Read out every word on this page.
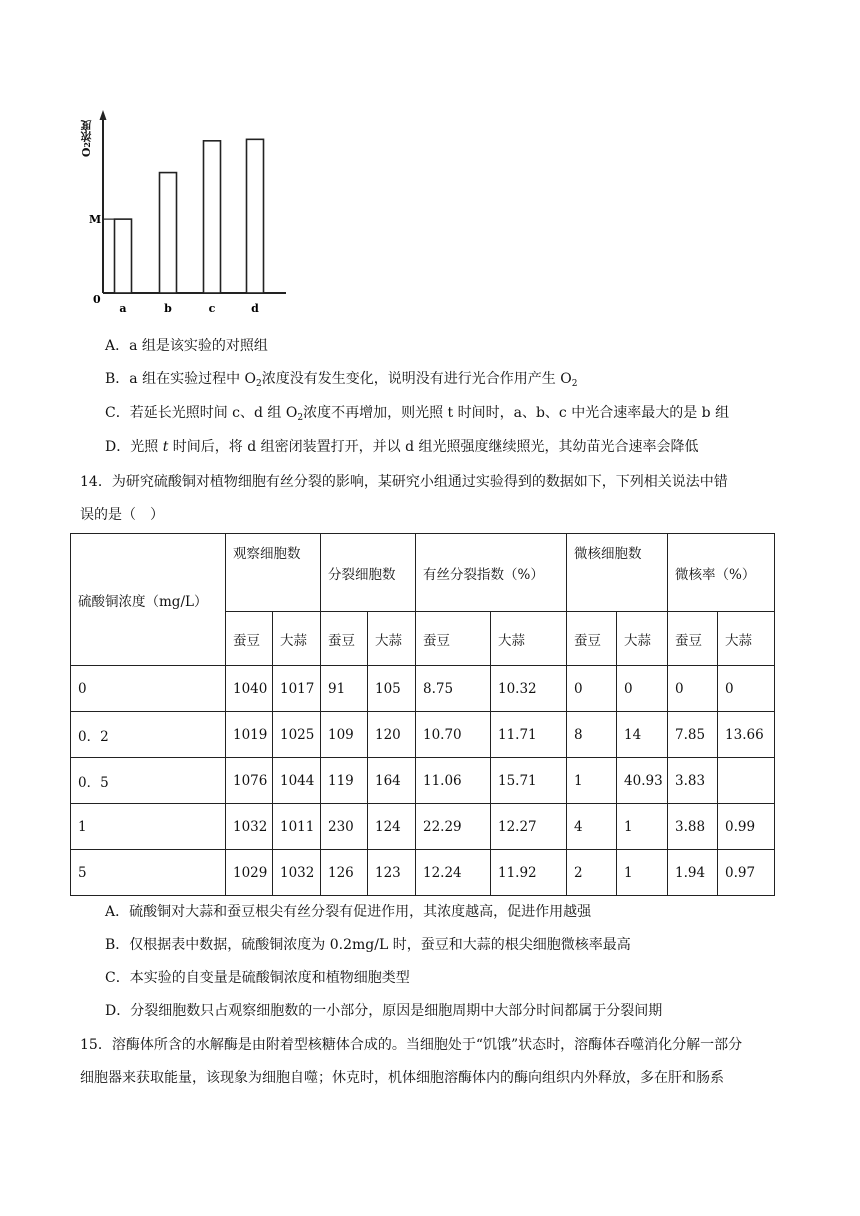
a	b	c	d
M
0
O2浓度
A．a 组是该实验的对照组
B．a 组在实验过程中 $O_2$浓度没有发生变化，说明没有进行光合作用产生 $O_2$
C．若延长光照时间 c、d 组 $O_2$浓度不再增加，则光照 t 时间时，a、b、c 中光合速率最大的是 b 组
D．光照 t 时间后，将 d 组密闭装置打开，并以 d 组光照强度继续照光，其幼苗光合速率会降低
14．为研究硫酸铜对植物细胞有丝分裂的影响，某研究小组通过实验得到的数据如下，下列相关说法中错
误的是（　）
硫酸铜浓度（mg/L）	观察细胞数		分裂细胞数		有丝分裂指数（%）		微核细胞数		微核率（%）	
	蚕豆	大蒜	蚕豆	大蒜	蚕豆	大蒜	蚕豆	大蒜	蚕豆	大蒜
0	1040	1017	91	105	8.75	10.32	0	0	0	0
0．2	1019	1025	109	120	10.70	11.71	8	14	7.85	13.66
0．5	1076	1044	119	164	11.06	15.71	1	40.93	3.83	
1	1032	1011	230	124	22.29	12.27	4	1	3.88	0.99
5	1029	1032	126	123	12.24	11.92	2	1	1.94	0.97
A．硫酸铜对大蒜和蚕豆根尖有丝分裂有促进作用，其浓度越高，促进作用越强
B．仅根据表中数据，硫酸铜浓度为 0.2mg/L 时，蚕豆和大蒜的根尖细胞微核率最高
C．本实验的自变量是硫酸铜浓度和植物细胞类型
D．分裂细胞数只占观察细胞数的一小部分，原因是细胞周期中大部分时间都属于分裂间期
15．溶酶体所含的水解酶是由附着型核糖体合成的。当细胞处于“饥饿”状态时，溶酶体吞噬消化分解一部分
细胞器来获取能量，该现象为细胞自噬；休克时，机体细胞溶酶体内的酶向组织内外释放，多在肝和肠系
